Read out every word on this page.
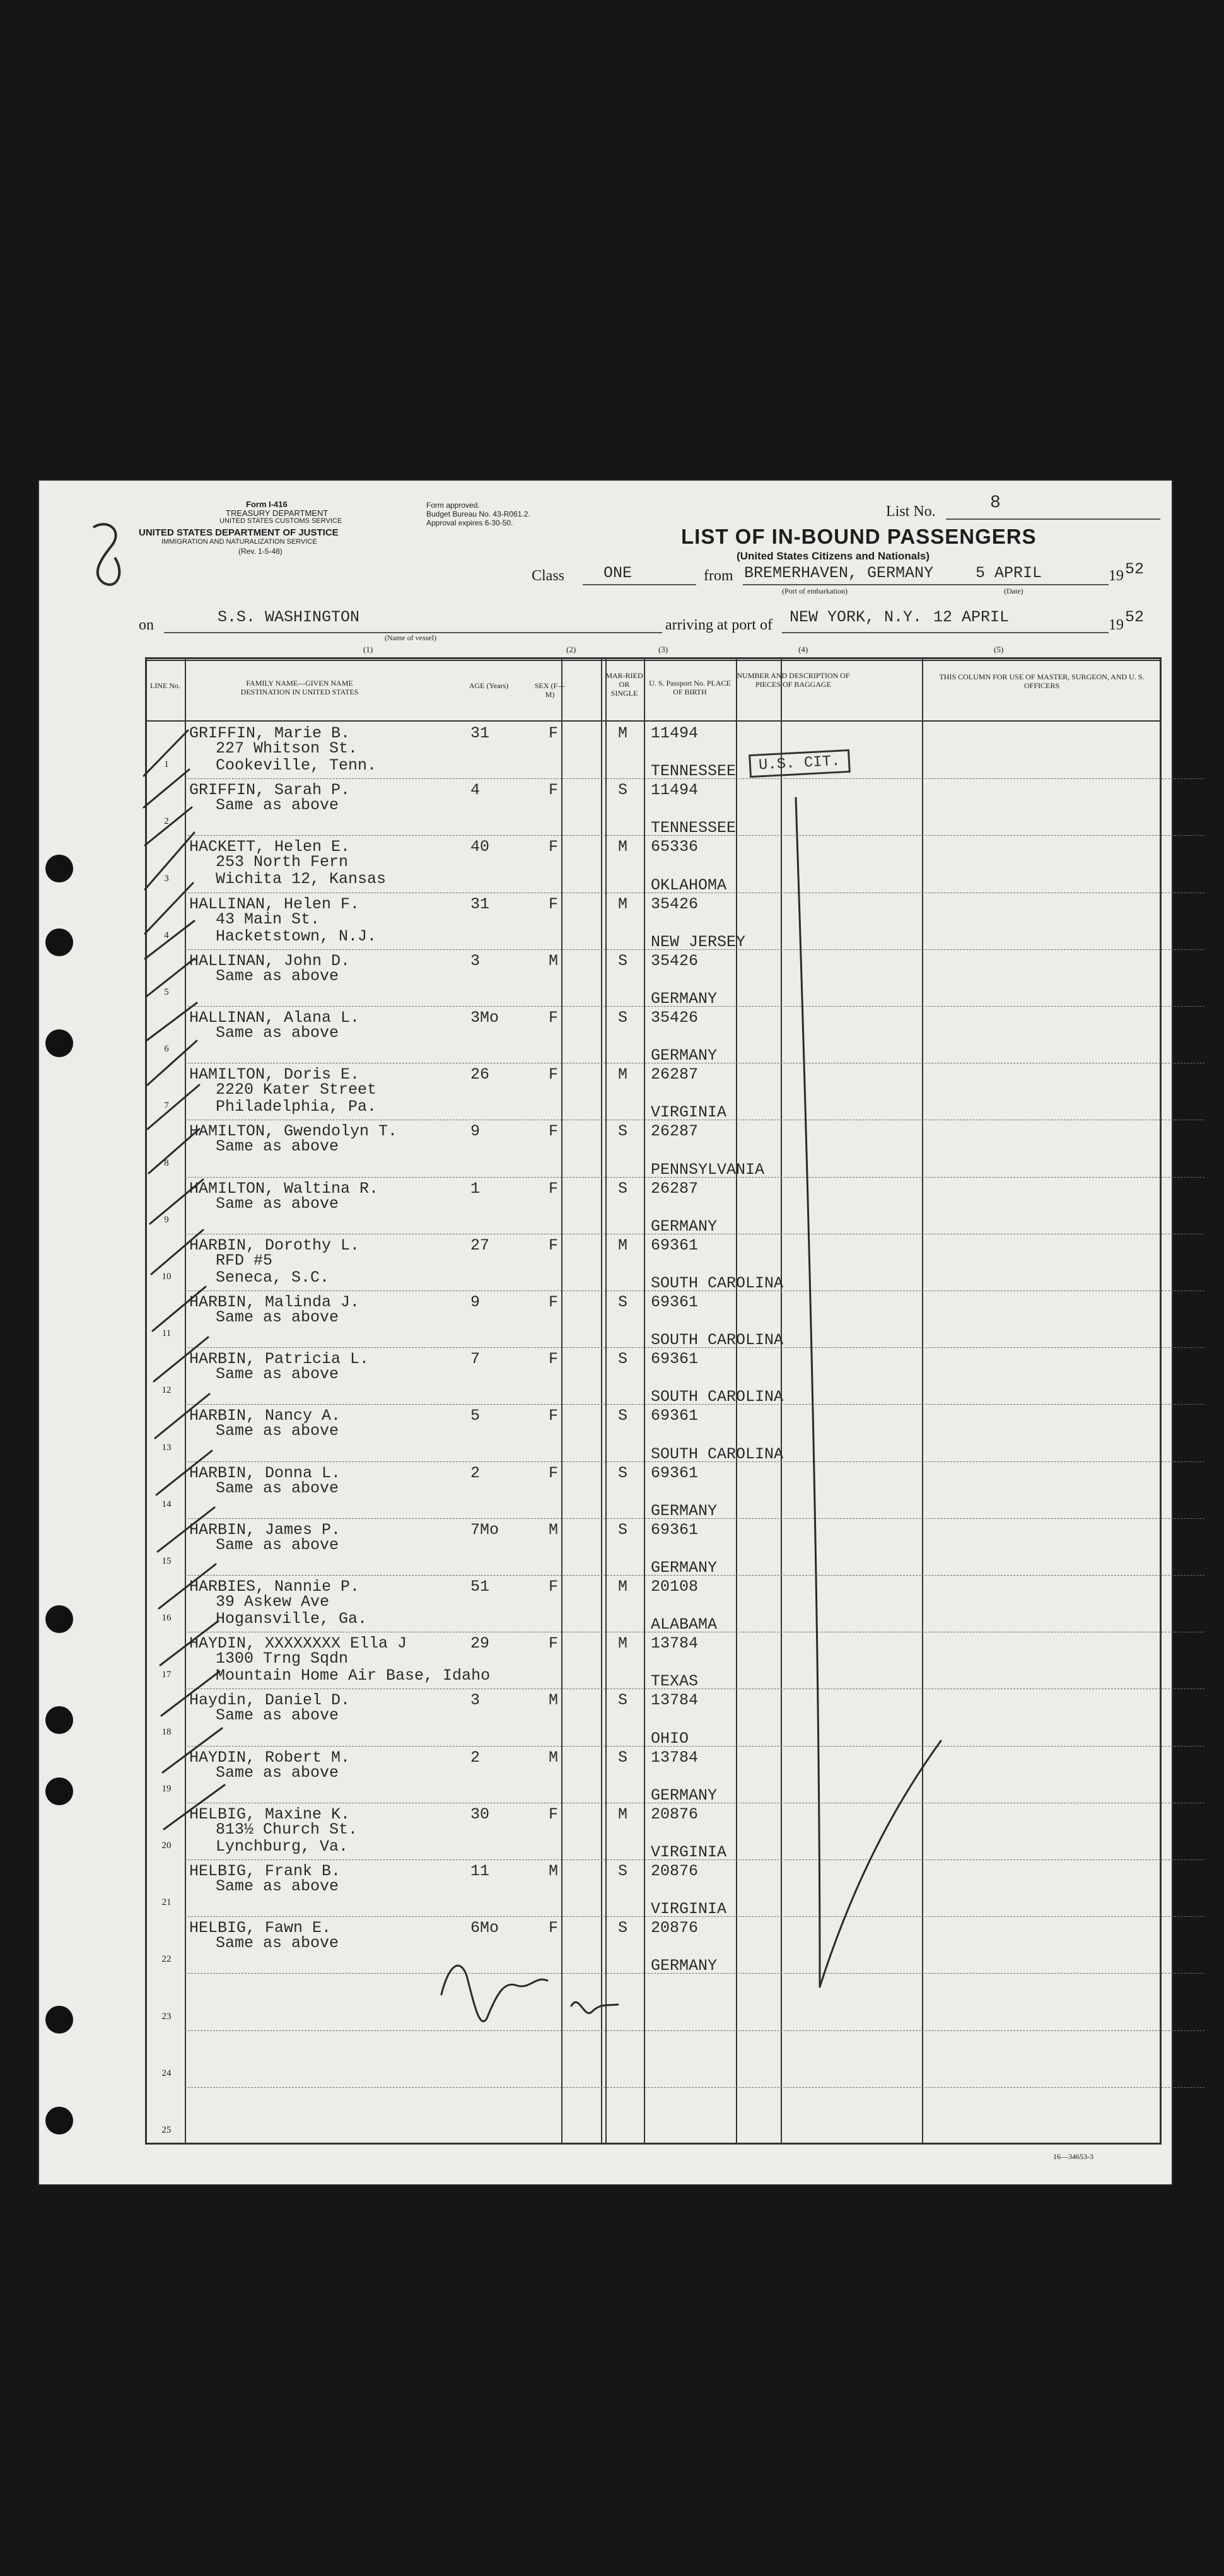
Form I-416
TREASURY DEPARTMENT
UNITED STATES CUSTOMS SERVICE
UNITED STATES DEPARTMENT OF JUSTICE
IMMIGRATION AND NATURALIZATION SERVICE
(Rev. 1-5-48)
Form approved.
Budget Bureau No. 43-R061.2.
Approval expires 6-30-50.
List No.	8
LIST OF IN-BOUND PASSENGERS
(United States Citizens and Nationals)
Class ONE	from BREMERHAVEN, GERMANY	5 APRIL	19 52
(Port of embarkation)	(Date)
on	S.S. WASHINGTON	arriving at port of NEW YORK, N.Y. 12 APRIL	19 52
(Name of vessel)
(1)	(2)	(3)	(4)	(5)
LINE No.	FAMILY NAME—GIVEN NAME DESTINATION IN UNITED STATES
AGE (Years)	SEX (F—M)
MAR-RIED OR SINGLE
U. S. Passport No. PLACE OF BIRTH
NUMBER AND DESCRIPTION OF PIECES OF BAGGAGE
THIS COLUMN FOR USE OF MASTER, SURGEON, AND U. S. OFFICERS
1
GRIFFIN, Marie B.
227 Whitson St.
Cookeville, Tenn.
31	F	M 11494
TENNESSEE
2
GRIFFIN, Sarah P.
Same as above
4	F	S 11494
TENNESSEE
3
HACKETT, Helen E.
253 North Fern
Wichita 12, Kansas
40	F	M 65336
OKLAHOMA
4
HALLINAN, Helen F.
43 Main St.
Hacketstown, N.J.
31	F	M 35426
NEW JERSEY
5
HALLINAN, John D.
Same as above
3	M	S 35426
GERMANY
6
HALLINAN, Alana L.
Same as above
3Mo	F	S 35426
GERMANY
7
HAMILTON, Doris E.
2220 Kater Street
Philadelphia, Pa.
26	F	M 26287
VIRGINIA
8
HAMILTON, Gwendolyn T.
Same as above
9	F	S 26287
PENNSYLVANIA
9
HAMILTON, Waltina R.
Same as above
1	F	S 26287
GERMANY
10
HARBIN, Dorothy L.
RFD #5
Seneca, S.C.
27	F	M 69361
SOUTH CAROLINA
11
HARBIN, Malinda J.
Same as above
9	F	S 69361
SOUTH CAROLINA
12
HARBIN, Patricia L.
Same as above
7	F	S 69361
SOUTH CAROLINA
13
HARBIN, Nancy A.
Same as above
5	F	S 69361
SOUTH CAROLINA
14
HARBIN, Donna L.
Same as above
2	F	S 69361
GERMANY
15
HARBIN, James P.
Same as above
7Mo	M	S 69361
GERMANY
16
HARBIES, Nannie P.
39 Askew Ave
Hogansville, Ga.
51	F	M 20108
ALABAMA
17
HAYDIN, XXXXXXXX Ella J
1300 Trng Sqdn
Mountain Home Air Base, Idaho
29	F	M 13784
TEXAS
18
Haydin, Daniel D.
Same as above
3	M	S 13784
OHIO
19
HAYDIN, Robert M.
Same as above
2	M	S 13784
GERMANY
20
HELBIG, Maxine K.
813½ Church St.
Lynchburg, Va.
30	F	M 20876
VIRGINIA
21
HELBIG, Frank B.
Same as above
11	M	S 20876
VIRGINIA
22
HELBIG, Fawn E.
Same as above
6Mo	F	S 20876
GERMANY
23
24
25
U.S. CIT.
16—34653-3
